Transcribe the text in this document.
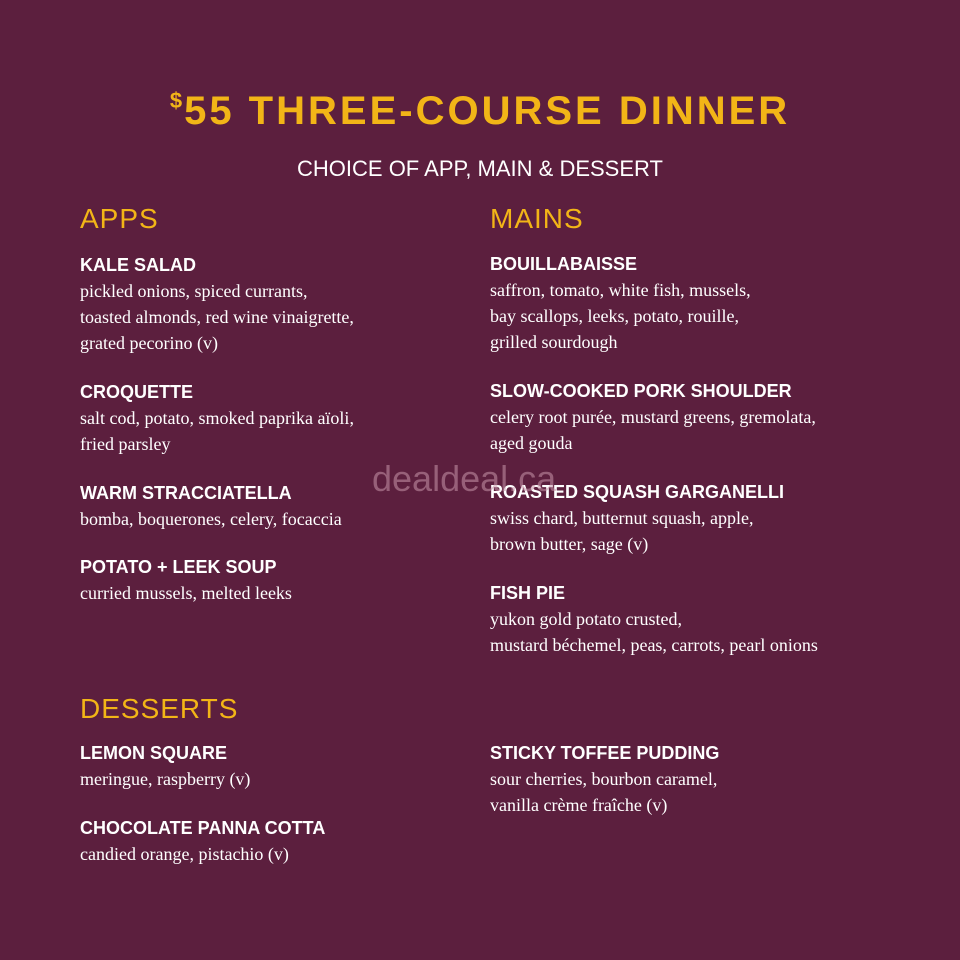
$55 THREE-COURSE DINNER
CHOICE OF APP, MAIN & DESSERT
APPS
KALE SALAD
pickled onions, spiced currants,
toasted almonds, red wine vinaigrette,
grated pecorino (v)
CROQUETTE
salt cod, potato, smoked paprika aïoli,
fried parsley
WARM STRACCIATELLA
bomba, boquerones, celery, focaccia
POTATO + LEEK SOUP
curried mussels, melted leeks
MAINS
BOUILLABAISSE
saffron, tomato, white fish, mussels,
bay scallops, leeks, potato, rouille,
grilled sourdough
SLOW-COOKED PORK SHOULDER
celery root purée, mustard greens, gremolata,
aged gouda
ROASTED SQUASH GARGANELLI
swiss chard, butternut squash, apple,
brown butter, sage (v)
FISH PIE
yukon gold potato crusted,
mustard béchemel, peas, carrots, pearl onions
DESSERTS
LEMON SQUARE
meringue, raspberry (v)
CHOCOLATE PANNA COTTA
candied orange, pistachio (v)
STICKY TOFFEE PUDDING
sour cherries, bourbon caramel,
vanilla crème fraîche (v)
dealdeal.ca
